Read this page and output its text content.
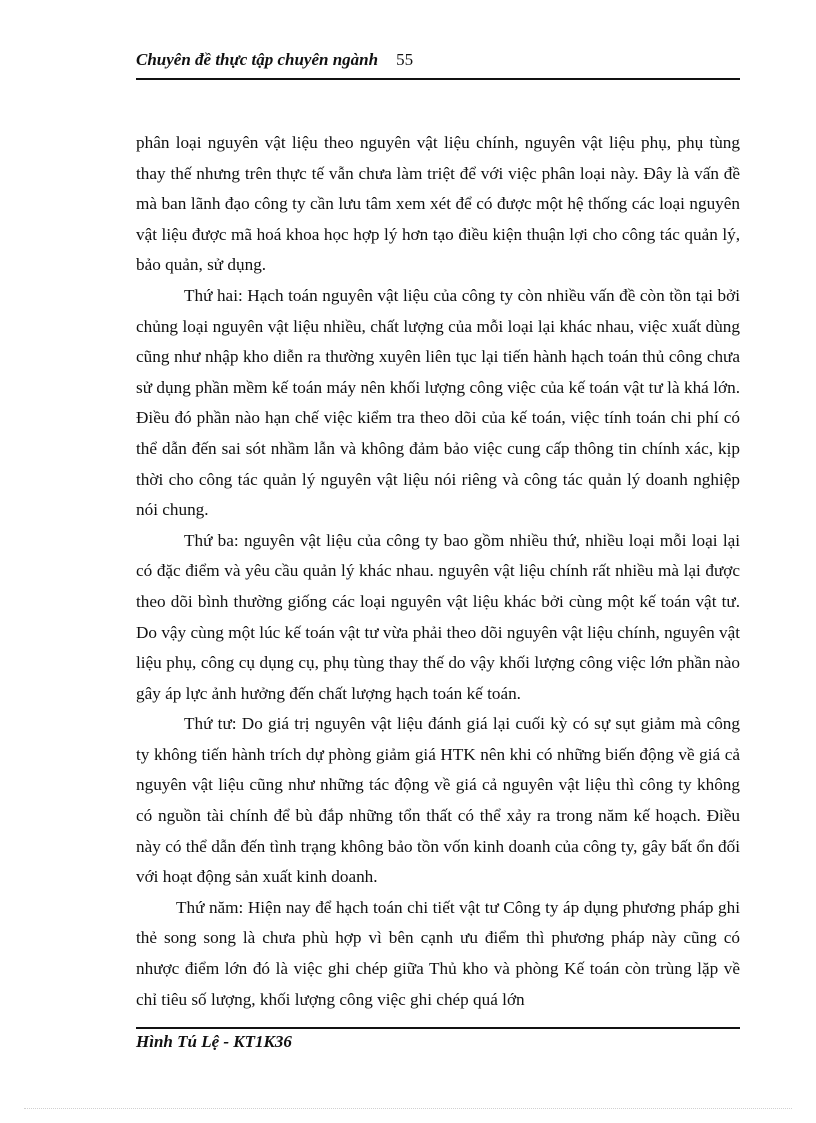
Chuyên đề thực tập chuyên ngành 55

phân loại nguyên vật liệu theo nguyên vật liệu chính, nguyên vật liệu phụ, phụ tùng thay thế nhưng trên thực tế vẫn chưa làm triệt để với việc phân loại này. Đây là vấn đề mà ban lãnh đạo công ty cần lưu tâm xem xét để có được một hệ thống các loại nguyên vật liệu được mã hoá khoa học hợp lý hơn tạo điều kiện thuận lợi cho công tác quản lý, bảo quản, sử dụng.

Thứ hai: Hạch toán nguyên vật liệu của công ty còn nhiều vấn đề còn tồn tại bởi chủng loại nguyên vật liệu nhiều, chất lượng của mỗi loại lại khác nhau, việc xuất dùng cũng như nhập kho diễn ra thường xuyên liên tục lại tiến hành hạch toán thủ công chưa sử dụng phần mềm kế toán máy nên khối lượng công việc của kế toán vật tư là khá lớn. Điều đó phần nào hạn chế việc kiểm tra theo dõi của kế toán, việc tính toán chi phí có thể dẫn đến sai sót nhầm lẫn và không đảm bảo việc cung cấp thông tin chính xác, kịp thời cho công tác quản lý nguyên vật liệu nói riêng và công tác quản lý doanh nghiệp nói chung.

Thứ ba: nguyên vật liệu của công ty bao gồm nhiều thứ, nhiều loại mỗi loại lại có đặc điểm và yêu cầu quản lý khác nhau. nguyên vật liệu chính rất nhiều mà lại được theo dõi bình thường giống các loại nguyên vật liệu khác bởi cùng một kế toán vật tư. Do vậy cùng một lúc kế toán vật tư vừa phải theo dõi nguyên vật liệu chính, nguyên vật liệu phụ, công cụ dụng cụ, phụ tùng thay thế do vậy khối lượng công việc lớn phần nào gây áp lực ảnh hưởng đến chất lượng hạch toán kế toán.

Thứ tư: Do giá trị nguyên vật liệu đánh giá lại cuối kỳ có sự sụt giảm mà công ty không tiến hành trích dự phòng giảm giá HTK nên khi có những biến động về giá cả nguyên vật liệu cũng như những tác động về giá cả nguyên vật liệu thì công ty không có nguồn tài chính để bù đắp những tổn thất có thể xảy ra trong năm kế hoạch. Điều này có thể dẫn đến tình trạng không bảo tồn vốn kinh doanh của công ty, gây bất ổn đối với hoạt động sản xuất kinh doanh.

Thứ năm: Hiện nay để hạch toán chi tiết vật tư Công ty áp dụng phương pháp ghi thẻ song song là chưa phù hợp vì bên cạnh ưu điểm thì phương pháp này cũng có nhược điểm lớn đó là việc ghi chép giữa Thủ kho và phòng Kế toán còn trùng lặp về chỉ tiêu số lượng, khối lượng công việc ghi chép quá lớn

Hình Tú Lệ - KT1K36
